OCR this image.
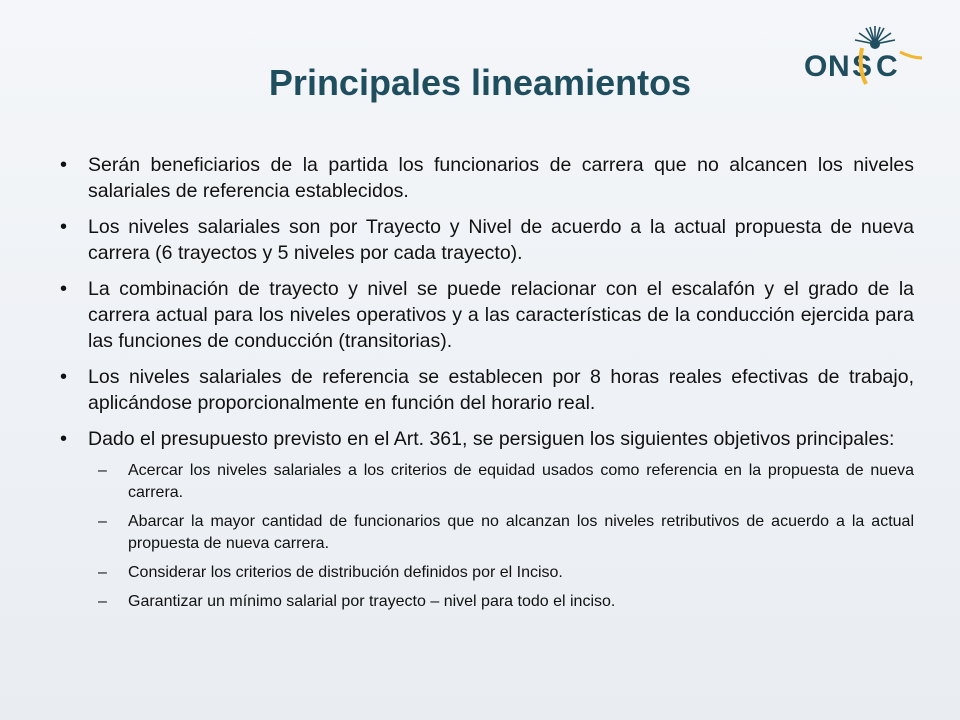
Principales lineamientos	O N S C
• Serán beneficiarios de la partida los funcionarios de carrera que no alcancen los niveles salariales de referencia establecidos.
• Los niveles salariales son por Trayecto y Nivel de acuerdo a la actual propuesta de nueva carrera (6 trayectos y 5 niveles por cada trayecto).
• La combinación de trayecto y nivel se puede relacionar con el escalafón y el grado de la carrera actual para los niveles operativos y a las características de la conducción ejercida para las funciones de conducción (transitorias).
• Los niveles salariales de referencia se establecen por 8 horas reales efectivas de trabajo, aplicándose proporcionalmente en función del horario real.
• Dado el presupuesto previsto en el Art. 361, se persiguen los siguientes objetivos principales:
– Acercar los niveles salariales a los criterios de equidad usados como referencia en la propuesta de nueva carrera.
– Abarcar la mayor cantidad de funcionarios que no alcanzan los niveles retributivos de acuerdo a la actual propuesta de nueva carrera.
– Considerar los criterios de distribución definidos por el Inciso.
– Garantizar un mínimo salarial por trayecto – nivel para todo el inciso.
